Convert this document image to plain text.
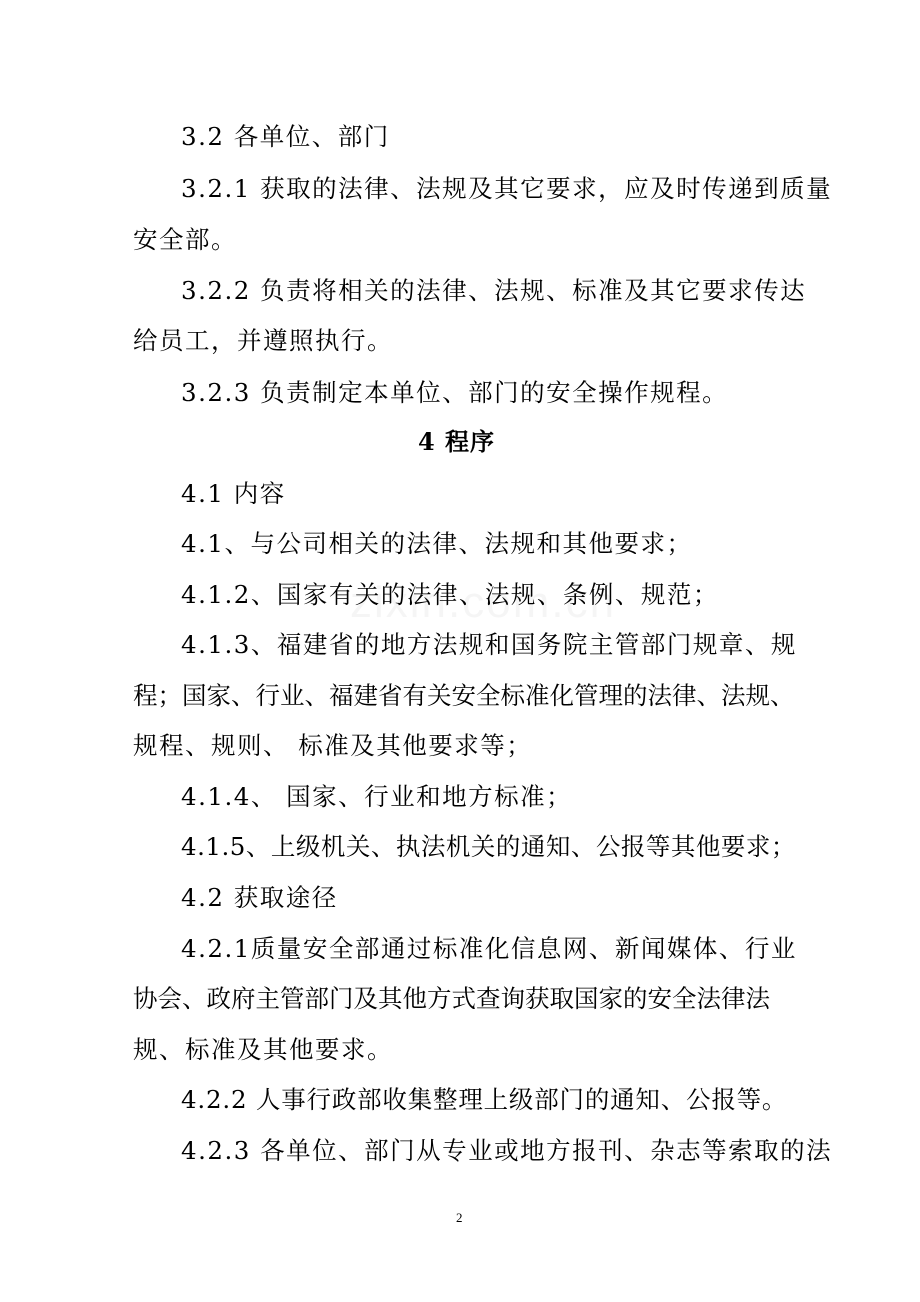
3.2 各单位、部门
3.2.1 获取的法律、法规及其它要求，应及时传递到质量
安全部。
3.2.2 负责将相关的法律、法规、标准及其它要求传达
给员工，并遵照执行。
3.2.3 负责制定本单位、部门的安全操作规程。
4 程序
4.1 内容
4.1、与公司相关的法律、法规和其他要求；
4.1.2、国家有关的法律、法规、条例、规范；
4.1.3、福建省的地方法规和国务院主管部门规章、规
程；国家、行业、福建省有关安全标准化管理的法律、法规、
规程、规则、 标准及其他要求等；
4.1.4、 国家、行业和地方标准；
4.1.5、上级机关、执法机关的通知、公报等其他要求；
4.2 获取途径
4.2.1质量安全部通过标准化信息网、新闻媒体、行业
协会、政府主管部门及其他方式查询获取国家的安全法律法
规、标准及其他要求。
4.2.2 人事行政部收集整理上级部门的通知、公报等。
4.2.3 各单位、部门从专业或地方报刊、杂志等索取的法
2
